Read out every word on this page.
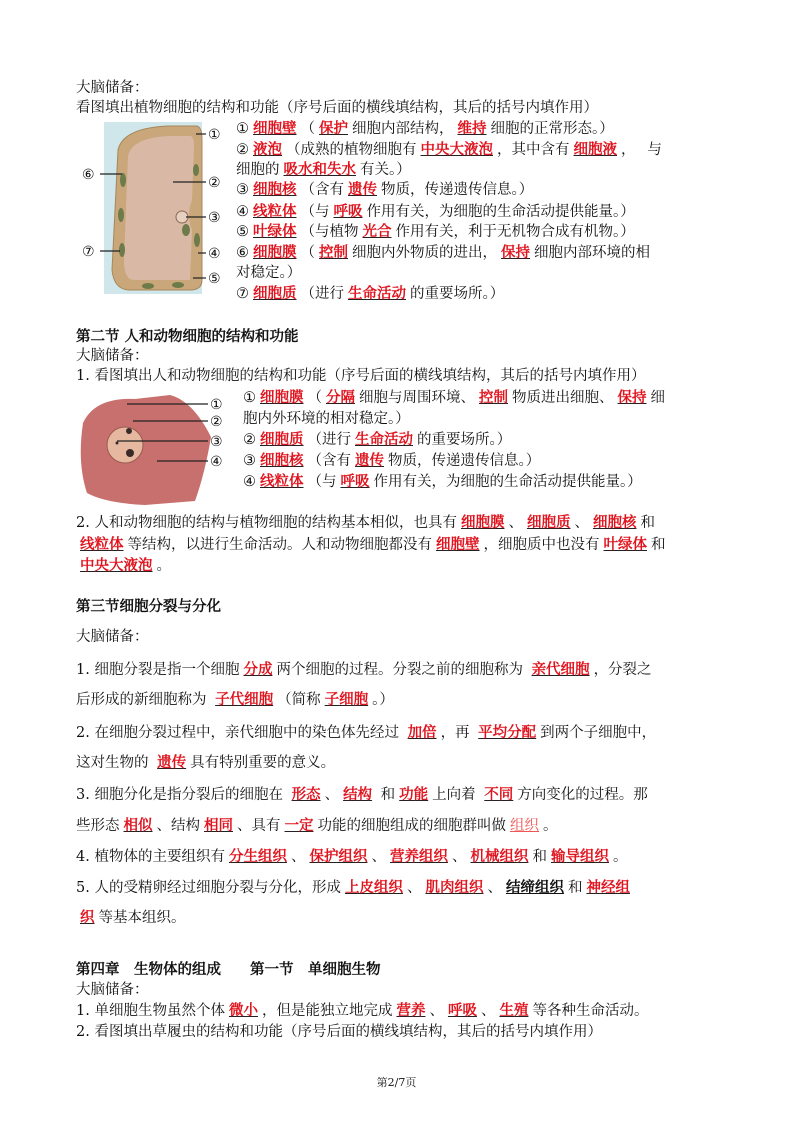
大脑储备：
看图填出植物细胞的结构和功能（序号后面的横线填结构，其后的括号内填作用）
①
②
③
④
⑤
⑥
⑦
① 细胞壁 （ 保护 细胞内部结构， 维持 细胞的正常形态。）
② 液泡 （成熟的植物细胞有 中央大液泡 ，其中含有 细胞液 ，　 与
细胞的 吸水和失水 有关。）
③ 细胞核 （含有 遗传 物质，传递遗传信息。）
④ 线粒体 （与 呼吸 作用有关，为细胞的生命活动提供能量。）
⑤ 叶绿体 （与植物 光合 作用有关，利于无机物合成有机物。）
⑥ 细胞膜 （ 控制 细胞内外物质的进出， 保持 细胞内部环境的相
对稳定。）
⑦ 细胞质 （进行 生命活动 的重要场所。）
第二节 人和动物细胞的结构和功能
大脑储备：
1. 看图填出人和动物细胞的结构和功能（序号后面的横线填结构，其后的括号内填作用）
①
②
③
④
① 细胞膜 （ 分隔 细胞与周围环境、 控制 物质进出细胞、 保持 细
胞内外环境的相对稳定。）
② 细胞质 （进行 生命活动 的重要场所。）
③ 细胞核 （含有 遗传 物质，传递遗传信息。）
④ 线粒体 （与 呼吸 作用有关，为细胞的生命活动提供能量。）
2. 人和动物细胞的结构与植物细胞的结构基本相似，也具有 细胞膜 、 细胞质 、 细胞核 和
线粒体 等结构，以进行生命活动。人和动物细胞都没有 细胞壁 ，细胞质中也没有 叶绿体 和
中央大液泡 。
第三节细胞分裂与分化
大脑储备：
1. 细胞分裂是指一个细胞 分成 两个细胞的过程。分裂之前的细胞称为 亲代细胞 ，分裂之
后形成的新细胞称为 子代细胞 （简称 子细胞 。）
2. 在细胞分裂过程中，亲代细胞中的染色体先经过 加倍 ，再 平均分配 到两个子细胞中，
这对生物的 遗传 具有特别重要的意义。
3. 细胞分化是指分裂后的细胞在 形态 、 结构 和 功能 上向着 不同 方向变化的过程。那
些形态 相似 、结构 相同 、具有 一定 功能的细胞组成的细胞群叫做 组织 。
4. 植物体的主要组织有 分生组织 、 保护组织 、 营养组织 、 机械组织 和 输导组织 。
5. 人的受精卵经过细胞分裂与分化，形成 上皮组织 、 肌肉组织 、 结缔组织 和 神经组
织 等基本组织。
第四章　生物体的组成　　第一节　单细胞生物
大脑储备：
1. 单细胞生物虽然个体 微小 ，但是能独立地完成 营养 、 呼吸 、 生殖 等各种生命活动。
2. 看图填出草履虫的结构和功能（序号后面的横线填结构，其后的括号内填作用）
第2/7页
